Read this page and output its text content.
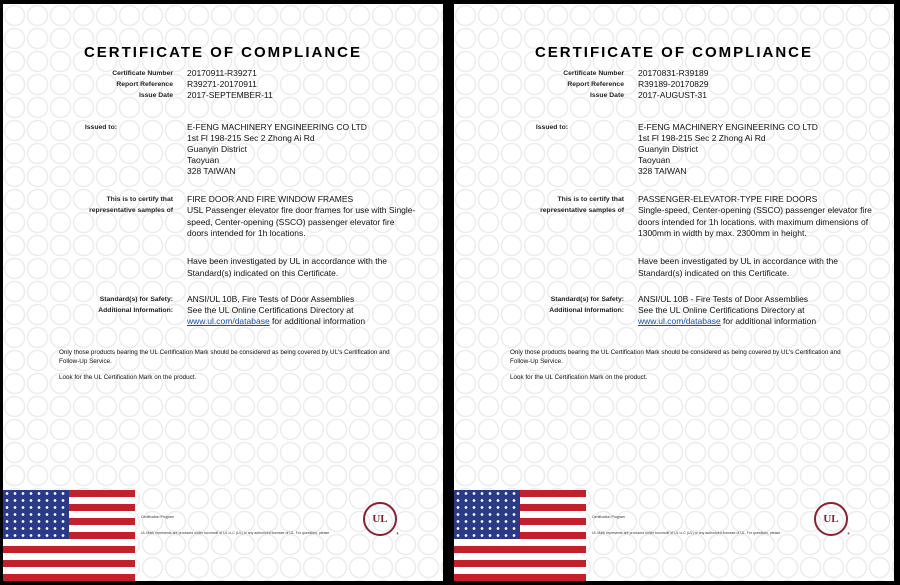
CERTIFICATE OF COMPLIANCE
Certificate Number 20170911-R39271
Report Reference R39271-20170911
Issue Date 2017-SEPTEMBER-11
Issued to:	E-FENG MACHINERY ENGINEERING CO LTD
1st Fl 198-215 Sec 2 Zhong Ai Rd
Guanyin District
Taoyuan
328 TAIWAN
This is to certify that
representative samples of
FIRE DOOR AND FIRE WINDOW FRAMES
USL Passenger elevator fire door frames for use with Single-speed, Center-opening (SSCO) passenger elevator fire doors intended for 1h locations.
Have been investigated by UL in accordance with the Standard(s) indicated on this Certificate.
Standard(s) for Safety: ANSI/UL 10B, Fire Tests of Door Assemblies
Additional Information: See the UL Online Certifications Directory at
www.ul.com/database for additional information
Only those products bearing the UL Certification Mark should be considered as being covered by UL's Certification and Follow-Up Service.
Look for the UL Certification Mark on the product.
Certification Program
UL Mark represents are produced under tocomotif of UL LLC (UL) or any authorized licensee of UL. For questions, please
UL
®
CERTIFICATE OF COMPLIANCE
Certificate Number 20170831-R39189
Report Reference R39189-20170829
Issue Date 2017-AUGUST-31
Issued to:	E-FENG MACHINERY ENGINEERING CO LTD
1st Fl 198-215 Sec 2 Zhong Ai Rd
Guanyin District
Taoyuan
328 TAIWAN
This is to certify that
representative samples of
PASSENGER-ELEVATOR-TYPE FIRE DOORS
Single-speed, Center-opening (SSCO) passenger elevator fire doors intended for 1h locations. with maximum dimensions of 1300mm in width by max. 2300mm in height.
Have been investigated by UL in accordance with the Standard(s) indicated on this Certificate.
Standard(s) for Safety: ANSI/UL 10B - Fire Tests of Door Assemblies
Additional Information: See the UL Online Certifications Directory at
www.ul.com/database for additional information
Only those products bearing the UL Certification Mark should be considered as being covered by UL's Certification and Follow-Up Service.
Look for the UL Certification Mark on the product.
Certification Program
UL Mark represents are produced under tocomotif of UL LLC (UL) or any authorized licensee of UL. For questions, please
UL
®
